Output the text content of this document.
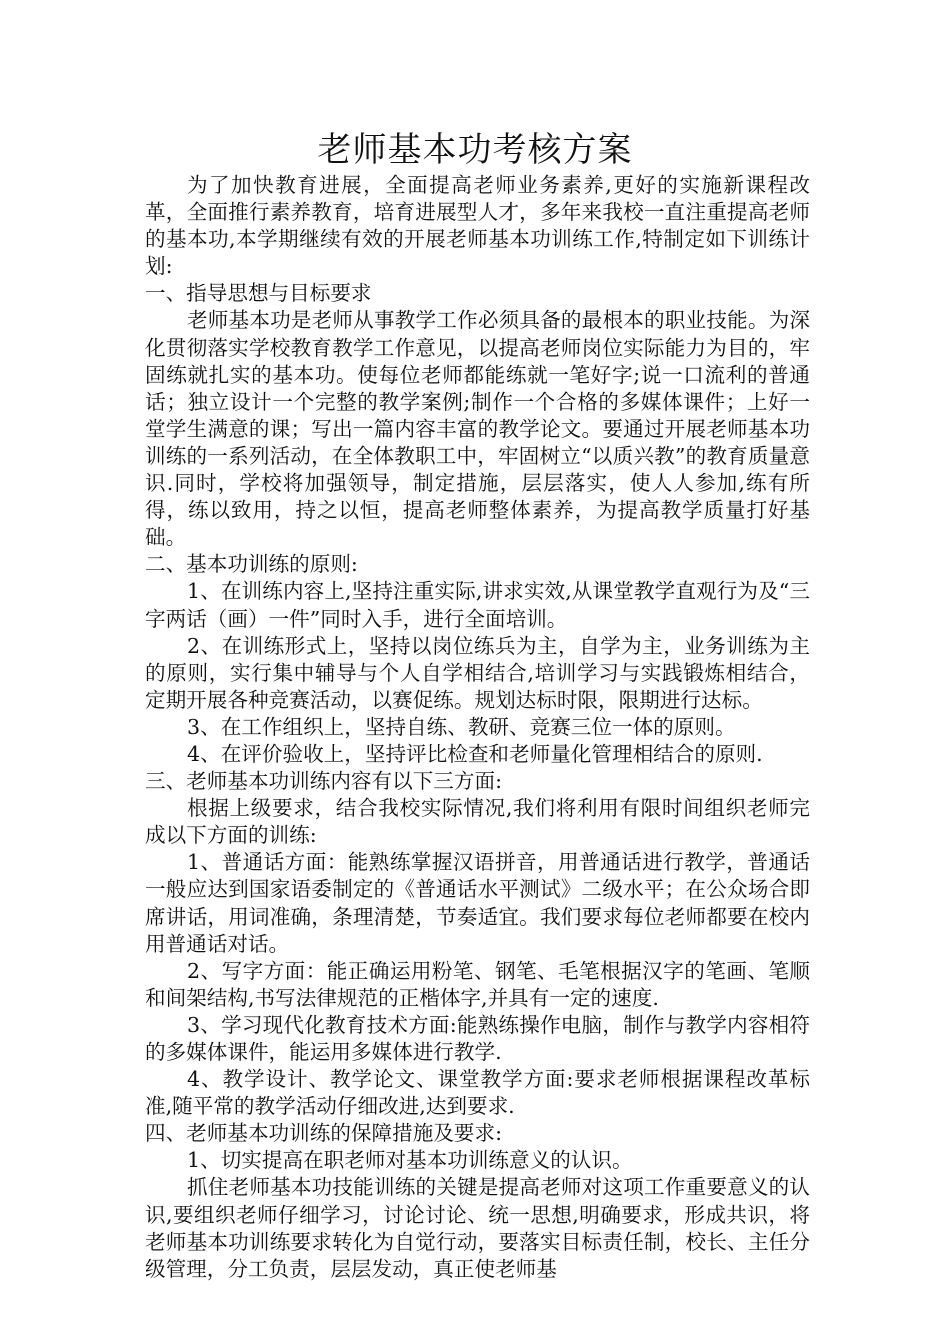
老师基本功考核方案

为了加快教育进展，全面提高老师业务素养,更好的实施新课程改革，全面推行素养教育，培育进展型人才，多年来我校一直注重提高老师的基本功,本学期继续有效的开展老师基本功训练工作,特制定如下训练计划:

一、指导思想与目标要求

老师基本功是老师从事教学工作必须具备的最根本的职业技能。为深化贯彻落实学校教育教学工作意见，以提高老师岗位实际能力为目的，牢固练就扎实的基本功。使每位老师都能练就一笔好字;说一口流利的普通话；独立设计一个完整的教学案例;制作一个合格的多媒体课件；上好一堂学生满意的课；写出一篇内容丰富的教学论文。要通过开展老师基本功训练的一系列活动，在全体教职工中，牢固树立“以质兴教”的教育质量意识.同时，学校将加强领导，制定措施，层层落实，使人人参加,练有所得，练以致用，持之以恒，提高老师整体素养，为提高教学质量打好基础。

二、基本功训练的原则:

1、在训练内容上,坚持注重实际,讲求实效,从课堂教学直观行为及“三字两话（画）一件”同时入手，进行全面培训。

2、在训练形式上，坚持以岗位练兵为主，自学为主，业务训练为主的原则，实行集中辅导与个人自学相结合,培训学习与实践锻炼相结合，定期开展各种竞赛活动，以赛促练。规划达标时限，限期进行达标。

3、在工作组织上，坚持自练、教研、竞赛三位一体的原则。

4、在评价验收上，坚持评比检查和老师量化管理相结合的原则.

三、老师基本功训练内容有以下三方面:

根据上级要求，结合我校实际情况,我们将利用有限时间组织老师完成以下方面的训练:

1、普通话方面：能熟练掌握汉语拼音，用普通话进行教学，普通话一般应达到国家语委制定的《普通话水平测试》二级水平；在公众场合即席讲话，用词准确，条理清楚，节奏适宜。我们要求每位老师都要在校内用普通话对话。

2、写字方面：能正确运用粉笔、钢笔、毛笔根据汉字的笔画、笔顺和间架结构,书写法律规范的正楷体字,并具有一定的速度.

3、学习现代化教育技术方面:能熟练操作电脑，制作与教学内容相符的多媒体课件，能运用多媒体进行教学.

4、教学设计、教学论文、课堂教学方面:要求老师根据课程改革标准,随平常的教学活动仔细改进,达到要求.

四、老师基本功训练的保障措施及要求:

1、切实提高在职老师对基本功训练意义的认识。

抓住老师基本功技能训练的关键是提高老师对这项工作重要意义的认识,要组织老师仔细学习，讨论讨论、统一思想,明确要求，形成共识，将老师基本功训练要求转化为自觉行动，要落实目标责任制，校长、主任分级管理，分工负责，层层发动，真正使老师基
